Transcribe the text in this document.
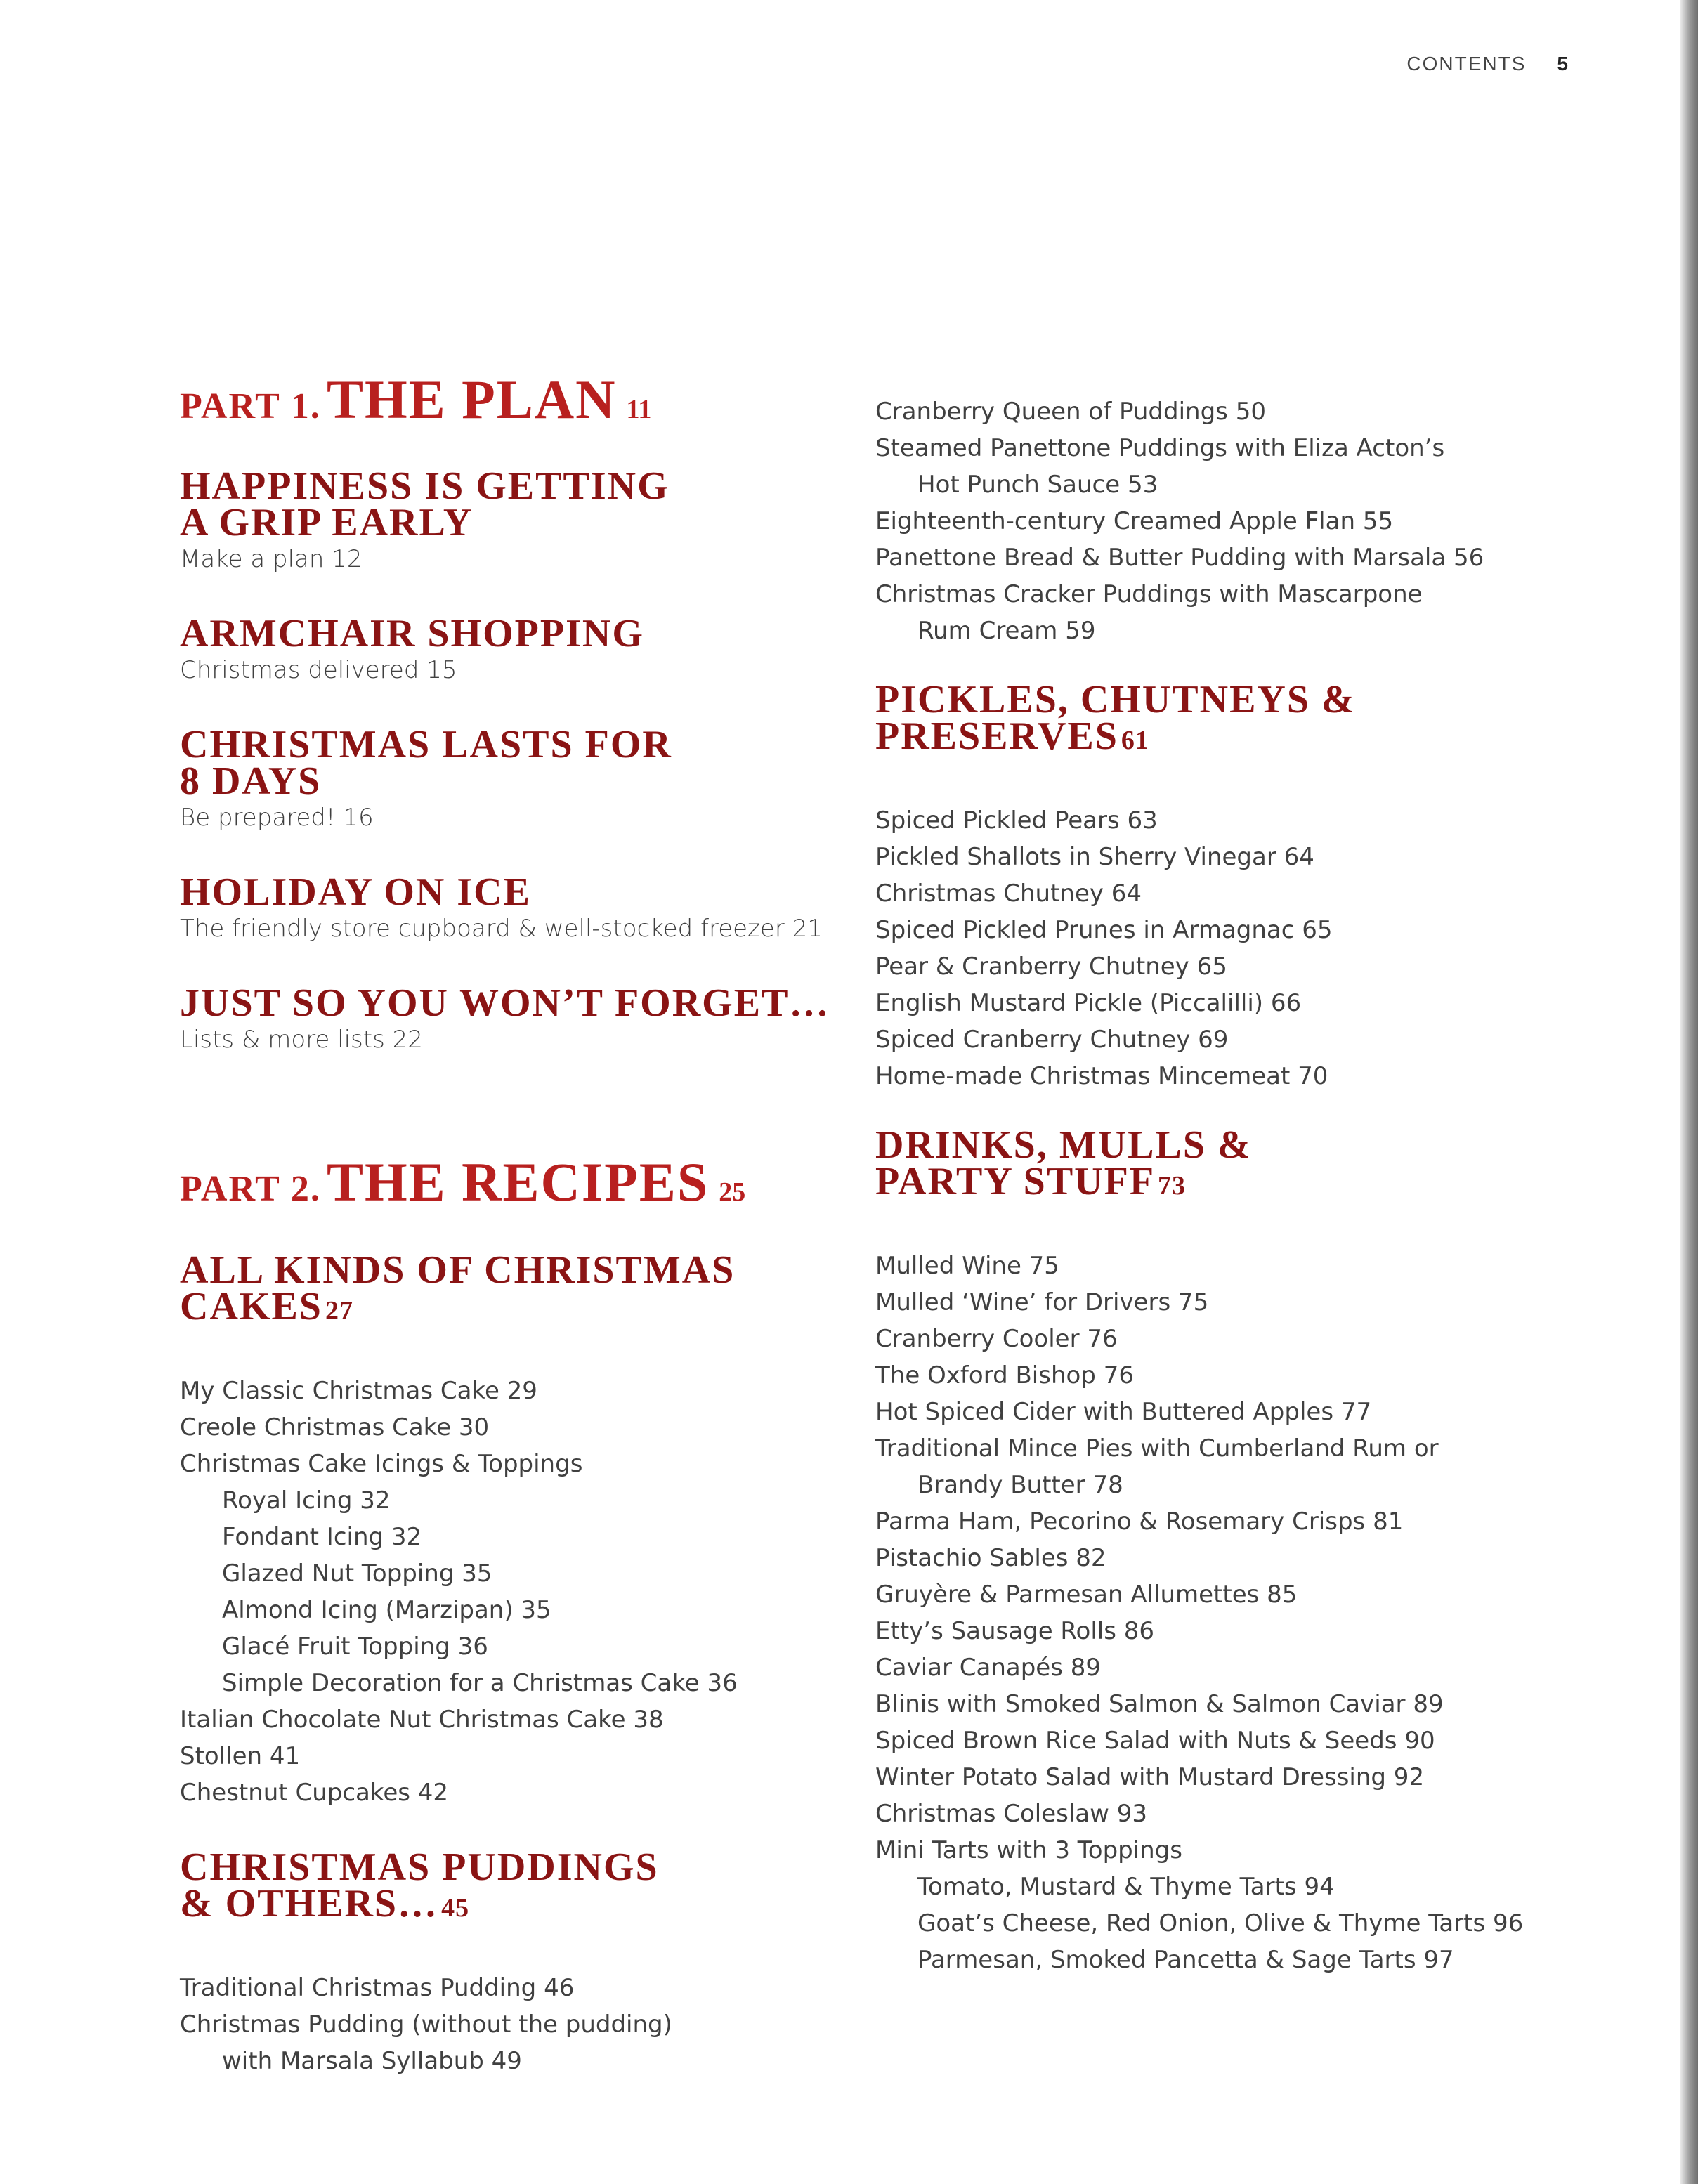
CONTENTS 5
PART 1. THE PLAN 11
HAPPINESS IS GETTING
A GRIP EARLY

Make a plan 12

ARMCHAIR SHOPPING

Christmas delivered 15

CHRISTMAS LASTS FOR
8 DAYS

Be prepared! 16

HOLIDAY ON ICE

The friendly store cupboard & well-stocked freezer 21

JUST SO YOU WON’T FORGET…

Lists & more lists 22

PART 2. THE RECIPES 25
ALL KINDS OF CHRISTMAS
CAKES 27

My Classic Christmas Cake 29

Creole Christmas Cake 30

Christmas Cake Icings & Toppings

Royal Icing 32

Fondant Icing 32

Glazed Nut Topping 35

Almond Icing (Marzipan) 35

Glacé Fruit Topping 36

Simple Decoration for a Christmas Cake 36

Italian Chocolate Nut Christmas Cake 38

Stollen 41

Chestnut Cupcakes 42

CHRISTMAS PUDDINGS
& OTHERS… 45

Traditional Christmas Pudding 46

Christmas Pudding (without the pudding)

with Marsala Syllabub 49

Cranberry Queen of Puddings 50

Steamed Panettone Puddings with Eliza Acton’s

Hot Punch Sauce 53

Eighteenth-century Creamed Apple Flan 55

Panettone Bread & Butter Pudding with Marsala 56

Christmas Cracker Puddings with Mascarpone

Rum Cream 59

PICKLES, CHUTNEYS &
PRESERVES 61

Spiced Pickled Pears 63

Pickled Shallots in Sherry Vinegar 64

Christmas Chutney 64

Spiced Pickled Prunes in Armagnac 65

Pear & Cranberry Chutney 65

English Mustard Pickle (Piccalilli) 66

Spiced Cranberry Chutney 69

Home-made Christmas Mincemeat 70

DRINKS, MULLS &
PARTY STUFF 73

Mulled Wine 75

Mulled ‘Wine’ for Drivers 75

Cranberry Cooler 76

The Oxford Bishop 76

Hot Spiced Cider with Buttered Apples 77

Traditional Mince Pies with Cumberland Rum or

Brandy Butter 78

Parma Ham, Pecorino & Rosemary Crisps 81

Pistachio Sables 82

Gruyère & Parmesan Allumettes 85

Etty’s Sausage Rolls 86

Caviar Canapés 89

Blinis with Smoked Salmon & Salmon Caviar 89

Spiced Brown Rice Salad with Nuts & Seeds 90

Winter Potato Salad with Mustard Dressing 92

Christmas Coleslaw 93

Mini Tarts with 3 Toppings

Tomato, Mustard & Thyme Tarts 94

Goat’s Cheese, Red Onion, Olive & Thyme Tarts 96

Parmesan, Smoked Pancetta & Sage Tarts 97
